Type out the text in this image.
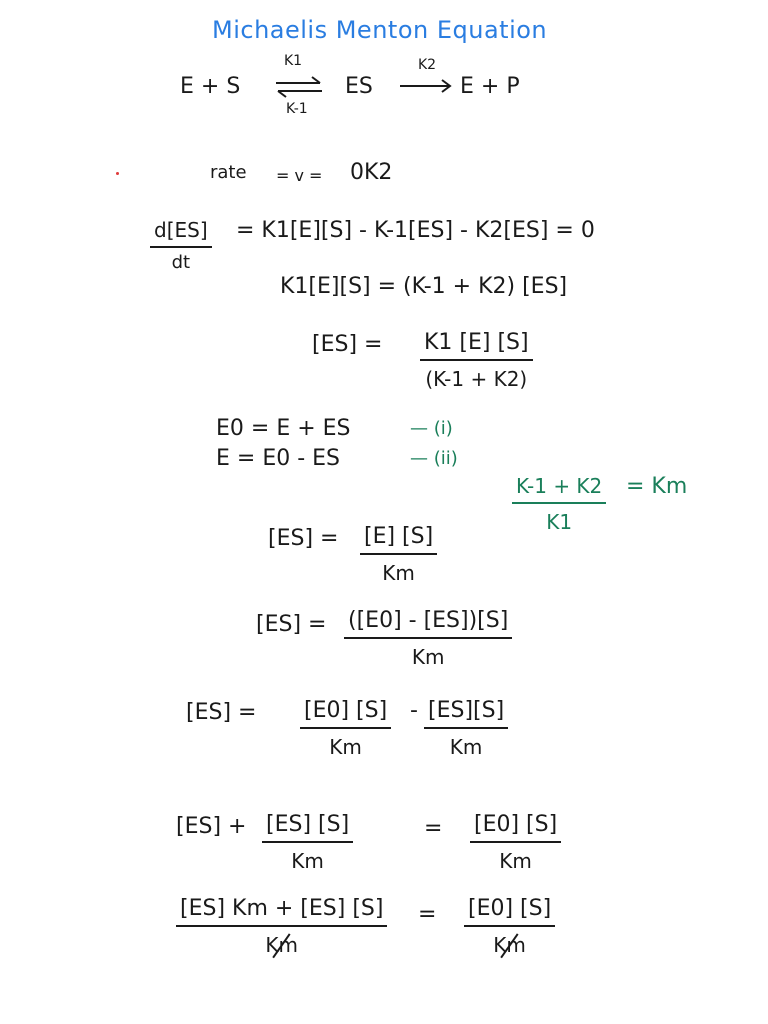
Michaelis Menton Equation
E + S
K1
K-1
ES
K2
E + P
rate = v = 0K2
$\frac{d[ES]}{dt} = K1[E][S] - K-1[ES] - K2[ES] = 0$
K1[E][S] = (K-1 + K2) [ES]
$[ES] = \frac{K1 [E] [S]}{(K-1 + K2)}$
E0 = E + ES
E = E0 - ES
— (i)
— (ii)
$\frac{K-1 + K2}{K1} = Km$
$[ES] = \frac{[E] [S]}{Km}$
$[ES] = \frac{([E0] - [ES])[S]}{Km}$
$[ES] = \frac{[E0] [S]}{Km} - \frac{[ES][S]}{Km}$
$[ES] + \frac{[ES] [S]}{Km}$	= $\frac{[E0] [S]}{Km}$
$\frac{[ES] Km + [ES] [S]}{Km} = \frac{[E0] [S]}{Km}$
